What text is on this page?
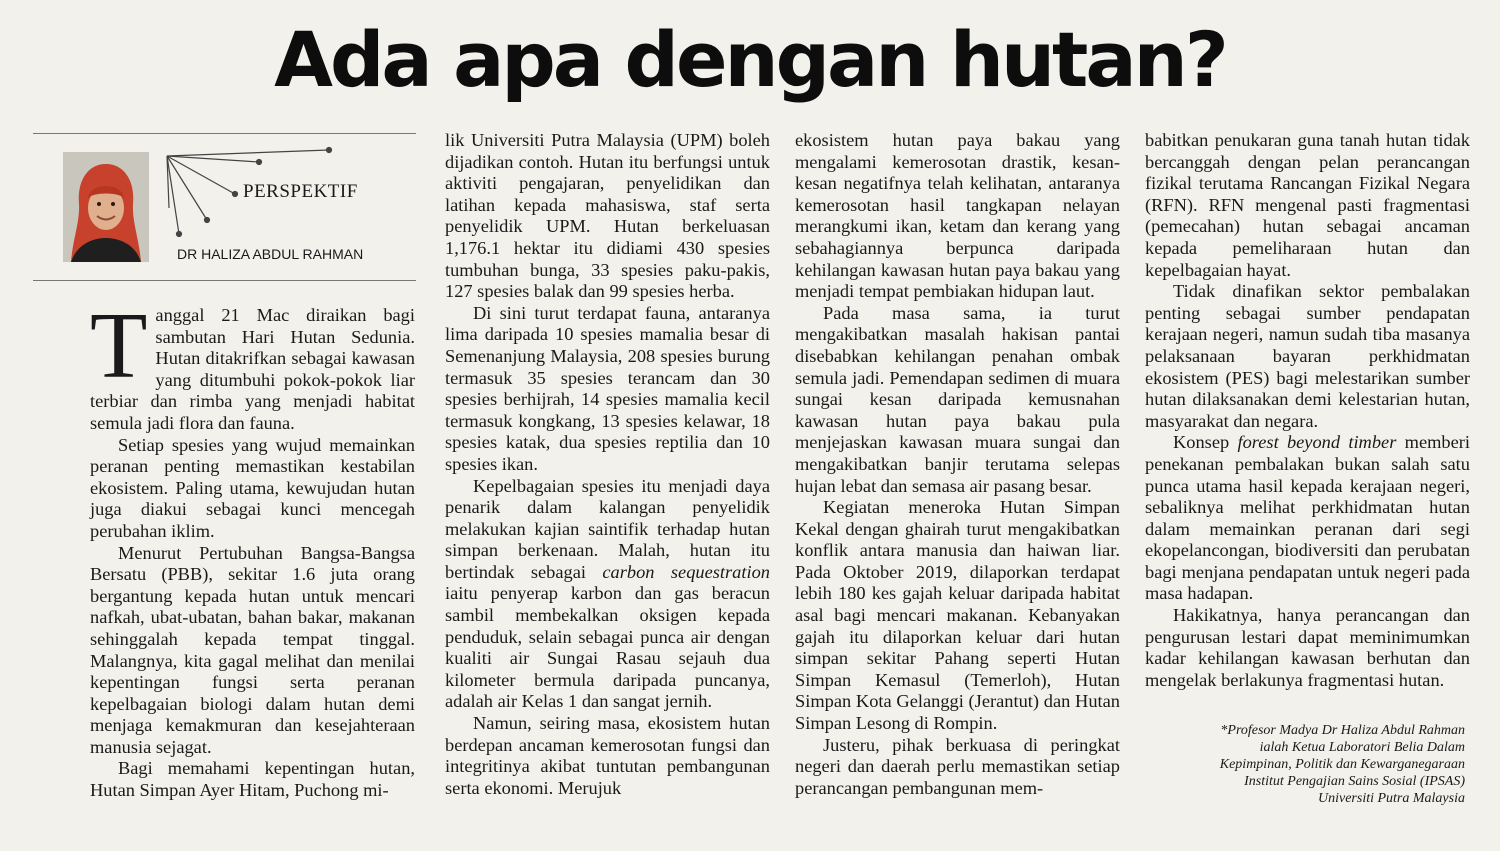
Ada apa dengan hutan?
PERSPEKTIF
DR HALIZA ABDUL RAHMAN

Tanggal 21 Mac diraikan bagi sambutan Hari Hutan Sedunia. Hutan ditakrifkan sebagai kawasan yang ditumbuhi pokok-pokok liar terbiar dan rimba yang menjadi habitat semula jadi flora dan fauna.

Setiap spesies yang wujud memainkan peranan penting memastikan kestabilan ekosistem. Paling utama, kewujudan hutan juga diakui sebagai kunci mencegah perubahan iklim.

Menurut Pertubuhan Bangsa-Bangsa Bersatu (PBB), sekitar 1.6 juta orang bergantung kepada hutan untuk mencari nafkah, ubat-ubatan, bahan bakar, makanan sehinggalah kepada tempat tinggal. Malangnya, kita gagal melihat dan menilai kepentingan fungsi serta peranan kepelbagaian biologi dalam hutan demi menjaga kemakmuran dan kesejahteraan manusia sejagat.

Bagi memahami kepentingan hutan, Hutan Simpan Ayer Hitam, Puchong mi-

lik Universiti Putra Malaysia (UPM) boleh dijadikan contoh. Hutan itu berfungsi untuk aktiviti pengajaran, penyelidikan dan latihan kepada mahasiswa, staf serta penyelidik UPM. Hutan berkeluasan 1,176.1 hektar itu didiami 430 spesies tumbuhan bunga, 33 spesies paku-pakis, 127 spesies balak dan 99 spesies herba.

Di sini turut terdapat fauna, antaranya lima daripada 10 spesies mamalia besar di Semenanjung Malaysia, 208 spesies burung termasuk 35 spesies terancam dan 30 spesies berhijrah, 14 spesies mamalia kecil termasuk kongkang, 13 spesies kelawar, 18 spesies katak, dua spesies reptilia dan 10 spesies ikan.

Kepelbagaian spesies itu menjadi daya penarik dalam kalangan penyelidik melakukan kajian saintifik terhadap hutan simpan berkenaan. Malah, hutan itu bertindak sebagai carbon sequestration iaitu penyerap karbon dan gas beracun sambil membekalkan oksigen kepada penduduk, selain sebagai punca air dengan kualiti air Sungai Rasau sejauh dua kilometer bermula daripada puncanya, adalah air Kelas 1 dan sangat jernih.

Namun, seiring masa, ekosistem hutan berdepan ancaman kemerosotan fungsi dan integritinya akibat tuntutan pembangunan serta ekonomi. Merujuk

ekosistem hutan paya bakau yang mengalami kemerosotan drastik, kesan-kesan negatifnya telah kelihatan, antaranya kemerosotan hasil tangkapan nelayan merangkumi ikan, ketam dan kerang yang sebahagiannya berpunca daripada kehilangan kawasan hutan paya bakau yang menjadi tempat pembiakan hidupan laut.

Pada masa sama, ia turut mengakibatkan masalah hakisan pantai disebabkan kehilangan penahan ombak semula jadi. Pemendapan sedimen di muara sungai kesan daripada kemusnahan kawasan hutan paya bakau pula menjejaskan kawasan muara sungai dan mengakibatkan banjir terutama selepas hujan lebat dan semasa air pasang besar.

Kegiatan meneroka Hutan Simpan Kekal dengan ghairah turut mengakibatkan konflik antara manusia dan haiwan liar. Pada Oktober 2019, dilaporkan terdapat lebih 180 kes gajah keluar daripada habitat asal bagi mencari makanan. Kebanyakan gajah itu dilaporkan keluar dari hutan simpan sekitar Pahang seperti Hutan Simpan Kemasul (Temerloh), Hutan Simpan Kota Gelanggi (Jerantut) dan Hutan Simpan Lesong di Rompin.

Justeru, pihak berkuasa di peringkat negeri dan daerah perlu memastikan setiap perancangan pembangunan mem-

babitkan penukaran guna tanah hutan tidak bercanggah dengan pelan perancangan fizikal terutama Rancangan Fizikal Negara (RFN). RFN mengenal pasti fragmentasi (pemecahan) hutan sebagai ancaman kepada pemeliharaan hutan dan kepelbagaian hayat.

Tidak dinafikan sektor pembalakan penting sebagai sumber pendapatan kerajaan negeri, namun sudah tiba masanya pelaksanaan bayaran perkhidmatan ekosistem (PES) bagi melestarikan sumber hutan dilaksanakan demi kelestarian hutan, masyarakat dan negara.

Konsep forest beyond timber memberi penekanan pembalakan bukan salah satu punca utama hasil kepada kerajaan negeri, sebaliknya melihat perkhidmatan hutan dalam memainkan peranan dari segi ekopelancongan, biodiversiti dan perubatan bagi menjana pendapatan untuk negeri pada masa hadapan.

Hakikatnya, hanya perancangan dan pengurusan lestari dapat meminimumkan kadar kehilangan kawasan berhutan dan mengelak berlakunya fragmentasi hutan.

*Profesor Madya Dr Haliza Abdul Rahman
ialah Ketua Laboratori Belia Dalam
Kepimpinan, Politik dan Kewarganegaraan
Institut Pengajian Sains Sosial (IPSAS)
Universiti Putra Malaysia
